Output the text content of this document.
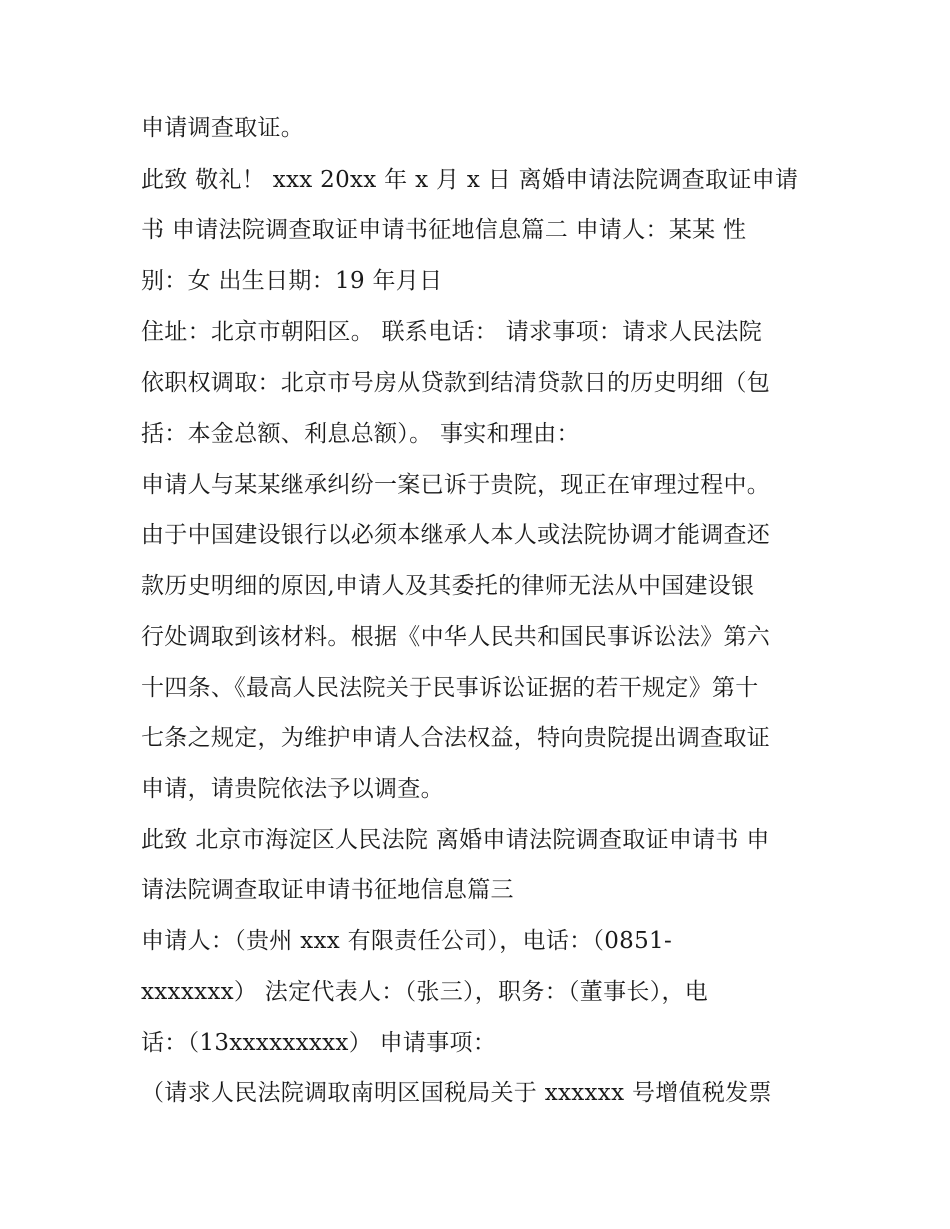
申请调查取证。
此致 敬礼！ xxx 20xx 年 x 月 x 日 离婚申请法院调查取证申请
书 申请法院调查取证申请书征地信息篇二 申请人：某某 性
别：女 出生日期：19 年月日
住址：北京市朝阳区。 联系电话： 请求事项：请求人民法院
依职权调取：北京市号房从贷款到结清贷款日的历史明细（包
括：本金总额、利息总额）。 事实和理由：
申请人与某某继承纠纷一案已诉于贵院，现正在审理过程中。
由于中国建设银行以必须本继承人本人或法院协调才能调查还
款历史明细的原因,申请人及其委托的律师无法从中国建设银
行处调取到该材料。根据《中华人民共和国民事诉讼法》第六
十四条、《最高人民法院关于民事诉讼证据的若干规定》第十
七条之规定，为维护申请人合法权益，特向贵院提出调查取证
申请，请贵院依法予以调查。
此致 北京市海淀区人民法院 离婚申请法院调查取证申请书 申
请法院调查取证申请书征地信息篇三
申请人：（贵州 xxx 有限责任公司），电话：（0851-
xxxxxxx） 法定代表人：（张三），职务：（董事长），电
话：（13xxxxxxxxx） 申请事项：
（请求人民法院调取南明区国税局关于 xxxxxx 号增值税发票
